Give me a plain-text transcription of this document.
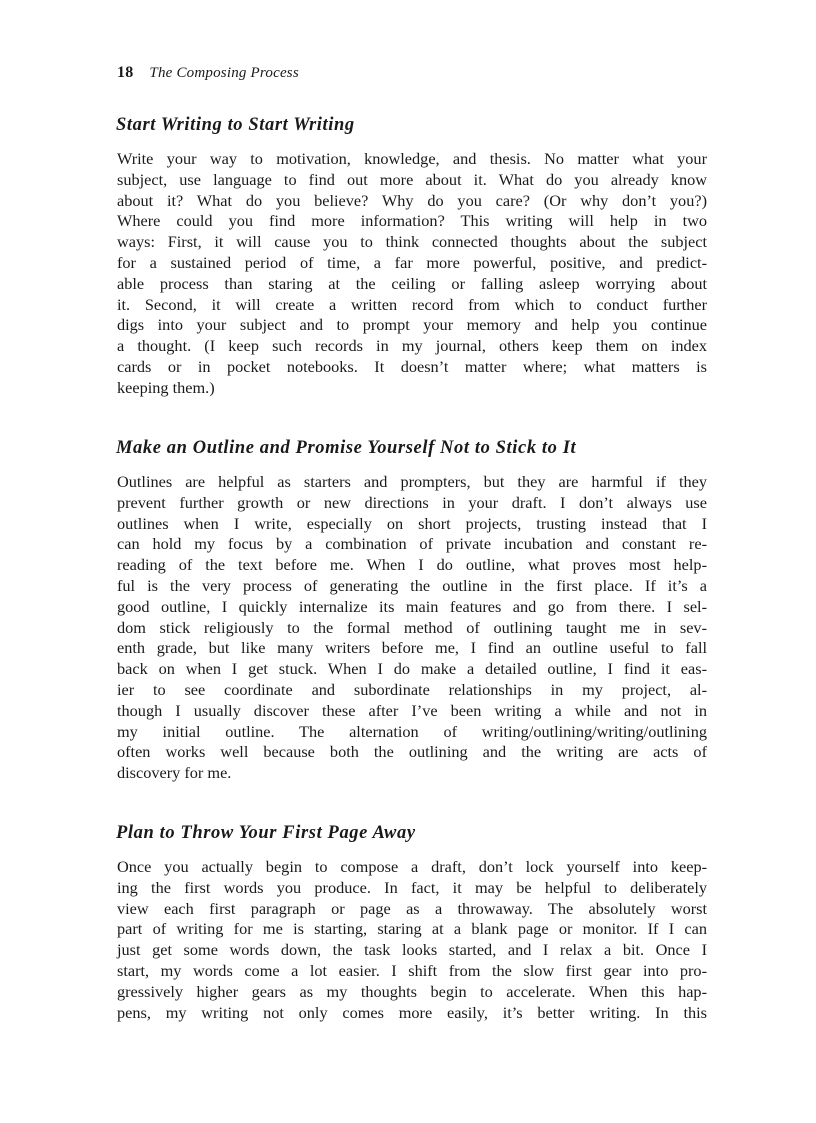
18 The Composing Process
Start Writing to Start Writing
Write your way to motivation, knowledge, and thesis. No matter what your
subject, use language to find out more about it. What do you already know
about it? What do you believe? Why do you care? (Or why don’t you?)
Where could you find more information? This writing will help in two
ways: First, it will cause you to think connected thoughts about the subject
for a sustained period of time, a far more powerful, positive, and predict-
able process than staring at the ceiling or falling asleep worrying about
it. Second, it will create a written record from which to conduct further
digs into your subject and to prompt your memory and help you continue
a thought. (I keep such records in my journal, others keep them on index
cards or in pocket notebooks. It doesn’t matter where; what matters is
keeping them.)
Make an Outline and Promise Yourself Not to Stick to It
Outlines are helpful as starters and prompters, but they are harmful if they
prevent further growth or new directions in your draft. I don’t always use
outlines when I write, especially on short projects, trusting instead that I
can hold my focus by a combination of private incubation and constant re-
reading of the text before me. When I do outline, what proves most help-
ful is the very process of generating the outline in the first place. If it’s a
good outline, I quickly internalize its main features and go from there. I sel-
dom stick religiously to the formal method of outlining taught me in sev-
enth grade, but like many writers before me, I find an outline useful to fall
back on when I get stuck. When I do make a detailed outline, I find it eas-
ier to see coordinate and subordinate relationships in my project, al-
though I usually discover these after I’ve been writing a while and not in
my initial outline. The alternation of writing/outlining/writing/outlining
often works well because both the outlining and the writing are acts of
discovery for me.
Plan to Throw Your First Page Away
Once you actually begin to compose a draft, don’t lock yourself into keep-
ing the first words you produce. In fact, it may be helpful to deliberately
view each first paragraph or page as a throwaway. The absolutely worst
part of writing for me is starting, staring at a blank page or monitor. If I can
just get some words down, the task looks started, and I relax a bit. Once I
start, my words come a lot easier. I shift from the slow first gear into pro-
gressively higher gears as my thoughts begin to accelerate. When this hap-
pens, my writing not only comes more easily, it’s better writing. In this
